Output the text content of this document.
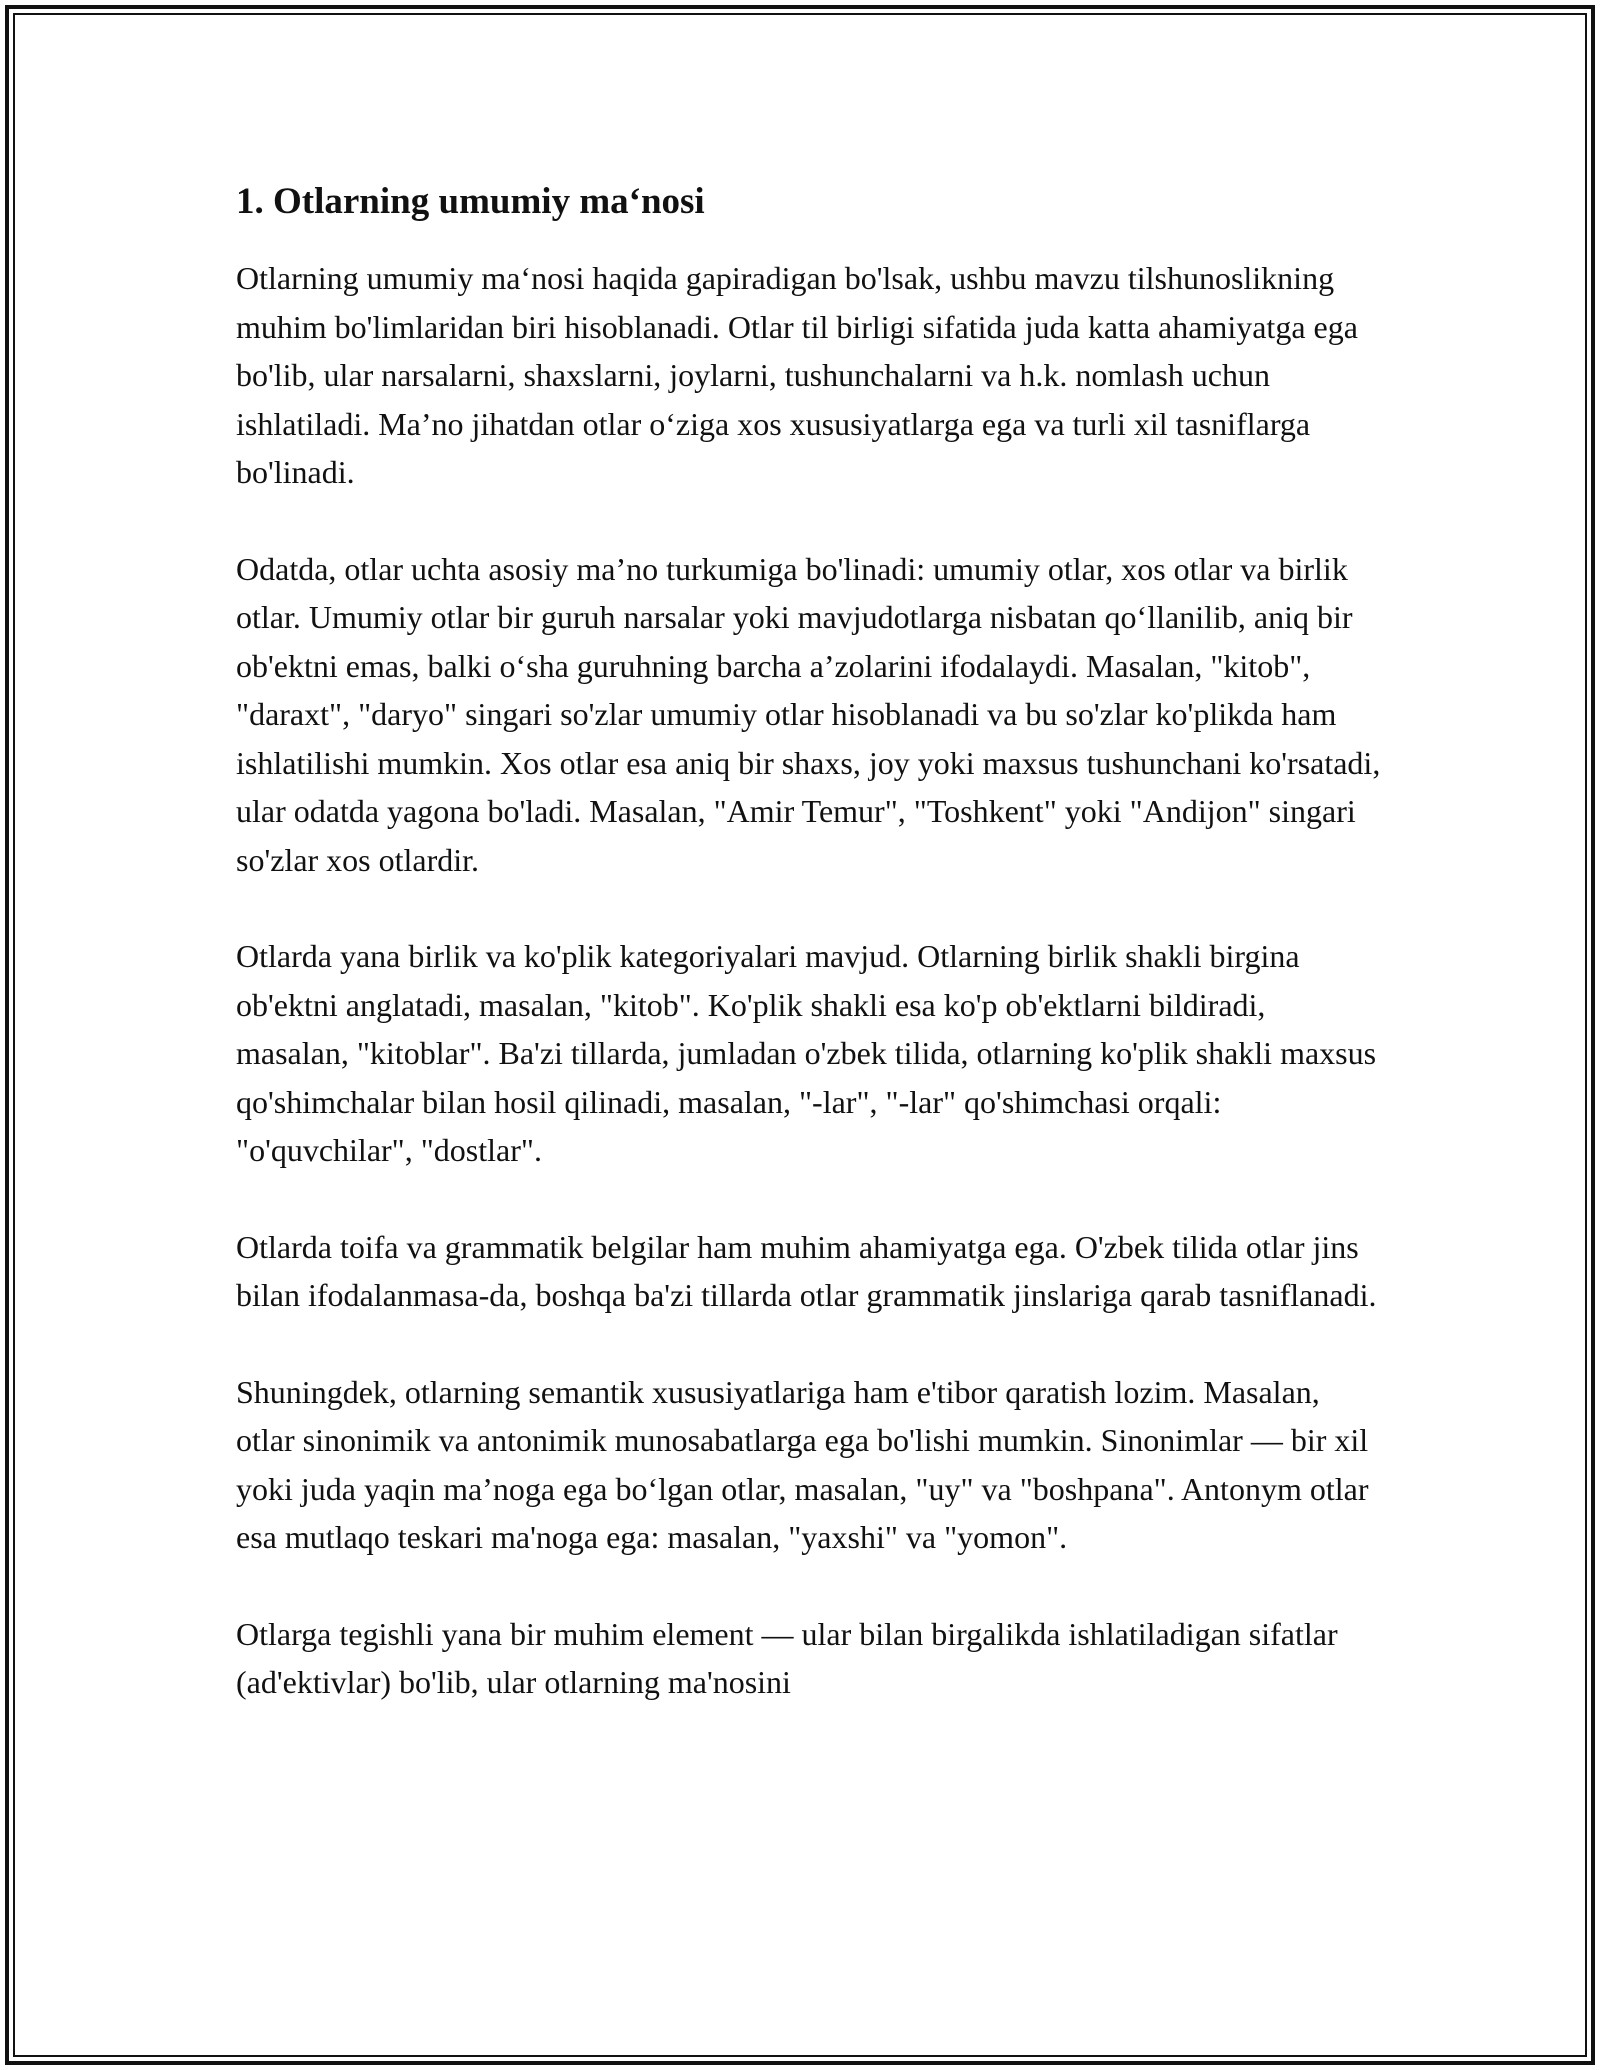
1. Otlarning umumiy ma‘nosi

Otlarning umumiy ma‘nosi haqida gapiradigan bo'lsak, ushbu mavzu tilshunoslikning muhim bo'limlaridan biri hisoblanadi. Otlar til birligi sifatida juda katta ahamiyatga ega bo'lib, ular narsalarni, shaxslarni, joylarni, tushunchalarni va h.k. nomlash uchun ishlatiladi. Ma’no jihatdan otlar o‘ziga xos xususiyatlarga ega va turli xil tasniflarga bo'linadi.

Odatda, otlar uchta asosiy ma’no turkumiga bo'linadi: umumiy otlar, xos otlar va birlik otlar. Umumiy otlar bir guruh narsalar yoki mavjudotlarga nisbatan qo‘llanilib, aniq bir ob'ektni emas, balki o‘sha guruhning barcha a’zolarini ifodalaydi. Masalan, "kitob", "daraxt", "daryo" singari so'zlar umumiy otlar hisoblanadi va bu so'zlar ko'plikda ham ishlatilishi mumkin. Xos otlar esa aniq bir shaxs, joy yoki maxsus tushunchani ko'rsatadi, ular odatda yagona bo'ladi. Masalan, "Amir Temur", "Toshkent" yoki "Andijon" singari so'zlar xos otlardir.

Otlarda yana birlik va ko'plik kategoriyalari mavjud. Otlarning birlik shakli birgina ob'ektni anglatadi, masalan, "kitob". Ko'plik shakli esa ko'p ob'ektlarni bildiradi, masalan, "kitoblar". Ba'zi tillarda, jumladan o'zbek tilida, otlarning ko'plik shakli maxsus qo'shimchalar bilan hosil qilinadi, masalan, "-lar", "-lar" qo'shimchasi orqali: "o'quvchilar", "dostlar".

Otlarda toifa va grammatik belgilar ham muhim ahamiyatga ega. O'zbek tilida otlar jins bilan ifodalanmasa-da, boshqa ba'zi tillarda otlar grammatik jinslariga qarab tasniflanadi.

Shuningdek, otlarning semantik xususiyatlariga ham e'tibor qaratish lozim. Masalan, otlar sinonimik va antonimik munosabatlarga ega bo'lishi mumkin. Sinonimlar — bir xil yoki juda yaqin ma’noga ega bo‘lgan otlar, masalan, "uy" va "boshpana". Antonym otlar esa mutlaqo teskari ma'noga ega: masalan, "yaxshi" va "yomon".

Otlarga tegishli yana bir muhim element — ular bilan birgalikda ishlatiladigan sifatlar (ad'ektivlar) bo'lib, ular otlarning ma'nosini
